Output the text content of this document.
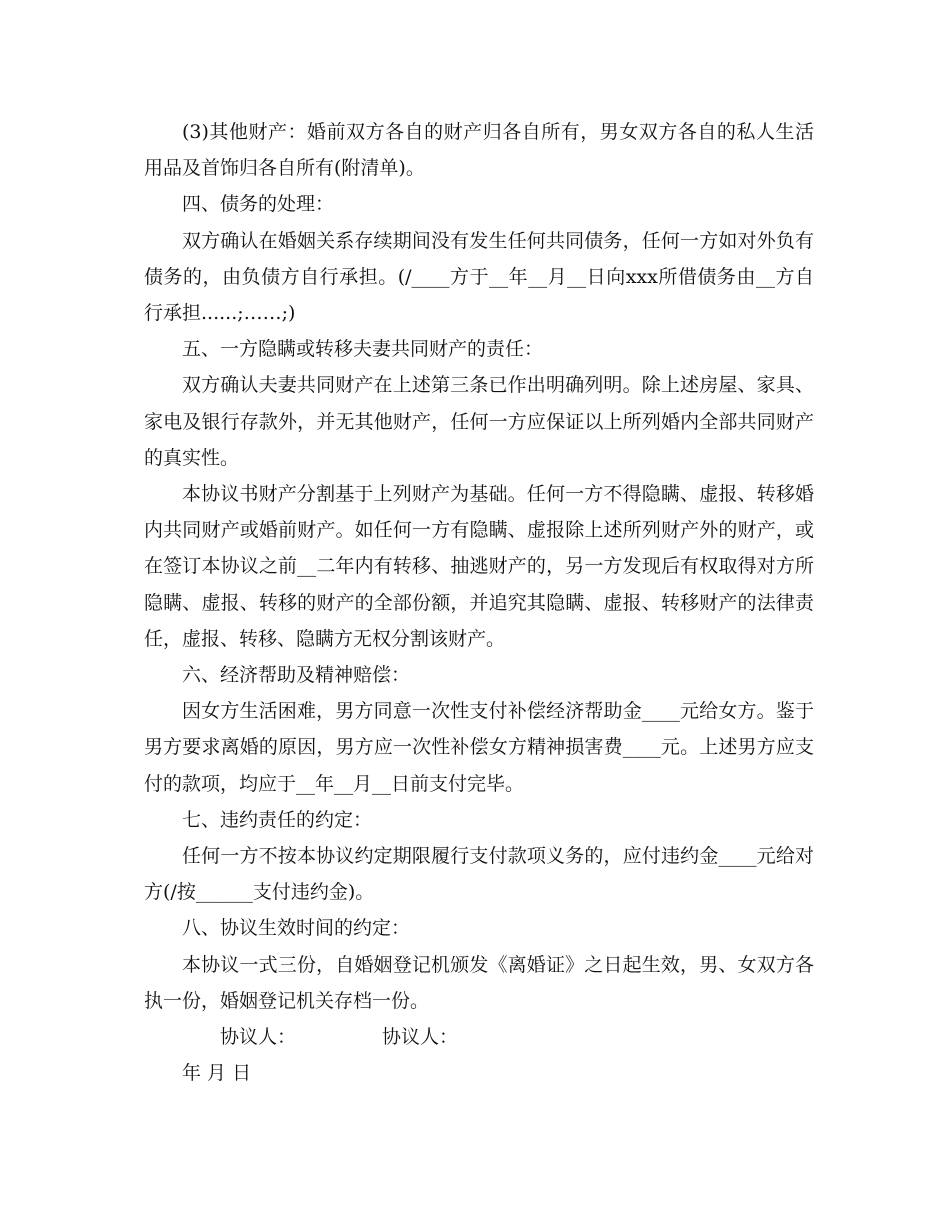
(3)其他财产：婚前双方各自的财产归各自所有，男女双方各自的私人生活用品及首饰归各自所有(附清单)。

四、债务的处理：

双方确认在婚姻关系存续期间没有发生任何共同债务，任何一方如对外负有债务的，由负债方自行承担。(/____方于__年__月__日向xxx所借债务由__方自行承担......;……;)

五、一方隐瞒或转移夫妻共同财产的责任：

双方确认夫妻共同财产在上述第三条已作出明确列明。除上述房屋、家具、家电及银行存款外，并无其他财产，任何一方应保证以上所列婚内全部共同财产的真实性。

本协议书财产分割基于上列财产为基础。任何一方不得隐瞒、虚报、转移婚内共同财产或婚前财产。如任何一方有隐瞒、虚报除上述所列财产外的财产，或在签订本协议之前__二年内有转移、抽逃财产的，另一方发现后有权取得对方所隐瞒、虚报、转移的财产的全部份额，并追究其隐瞒、虚报、转移财产的法律责任，虚报、转移、隐瞒方无权分割该财产。

六、经济帮助及精神赔偿：

因女方生活困难，男方同意一次性支付补偿经济帮助金____元给女方。鉴于男方要求离婚的原因，男方应一次性补偿女方精神损害费____元。上述男方应支付的款项，均应于__年__月__日前支付完毕。

七、违约责任的约定：

任何一方不按本协议约定期限履行支付款项义务的，应付违约金____元给对方(/按______支付违约金)。

八、协议生效时间的约定：

本协议一式三份，自婚姻登记机颁发《离婚证》之日起生效，男、女双方各执一份，婚姻登记机关存档一份。

协议人：	协议人：

年 月 日
